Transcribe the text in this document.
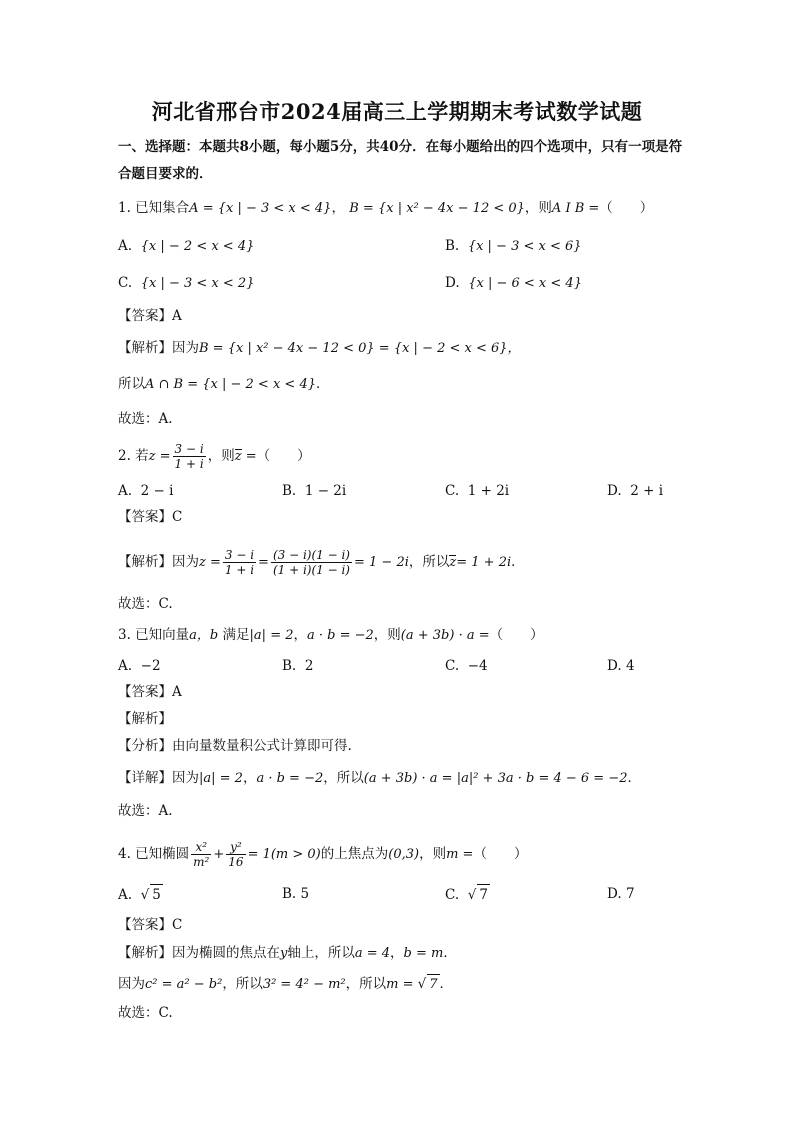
河北省邢台市2024届高三上学期期末考试数学试题
一、选择题：本题共8小题，每小题5分，共40分．在每小题给出的四个选项中，只有一项是符合题目要求的．
1. 已知集合A = {x | − 3 < x < 4}， B = {x | x² − 4x − 12 < 0}，则A I B =（　　）
A. {x | − 2 < x < 4}	B. {x | − 3 < x < 6}
C. {x | − 3 < x < 2}	D. {x | − 6 < x < 4}
【答案】A
【解析】因为B = {x | x² − 4x − 12 < 0} = {x | − 2 < x < 6}，
所以A ∩ B = {x | − 2 < x < 4}．
故选：A.
2. 若$z = \frac{3 - i}{1 + i}$ ，则z =（　　）
A. 2 − i	B. 1 − 2i	C. 1 + 2i	D. 2 + i
【答案】C
【解析】因为$z = \frac{3 - i}{1 + i} = \frac{(3 - i)(1 - i)}{(1 + i)(1 - i)} = 1 - 2i$，所以z= 1 + 2i．
故选：C.
3. 已知向量a，b 满足|a| = 2，a · b = −2，则(a + 3b) · a =（　　）
A. −2	B. 2	C. −4	D. 4
【答案】A
【解析】
【分析】由向量数量积公式计算即可得.
【详解】因为|a| = 2，a · b = −2，所以(a + 3b) · a = |a|² + 3a · b = 4 − 6 = −2．
故选：A.
4. 已知椭圆 $\frac{\text{x²}}{\text{m²}} + \frac{\text{y²}}{16} = 1(m > 0)$的上焦点为(0,3)，则m =（　　）
A.  √ 5	B. 5	C.  √ 7	D. 7
【答案】C
【解析】因为椭圆的焦点在y轴上，所以a = 4，b = m．
因为c² = a² − b²，所以3² = 4² − m²，所以m = √ 7 ．
故选：C.
